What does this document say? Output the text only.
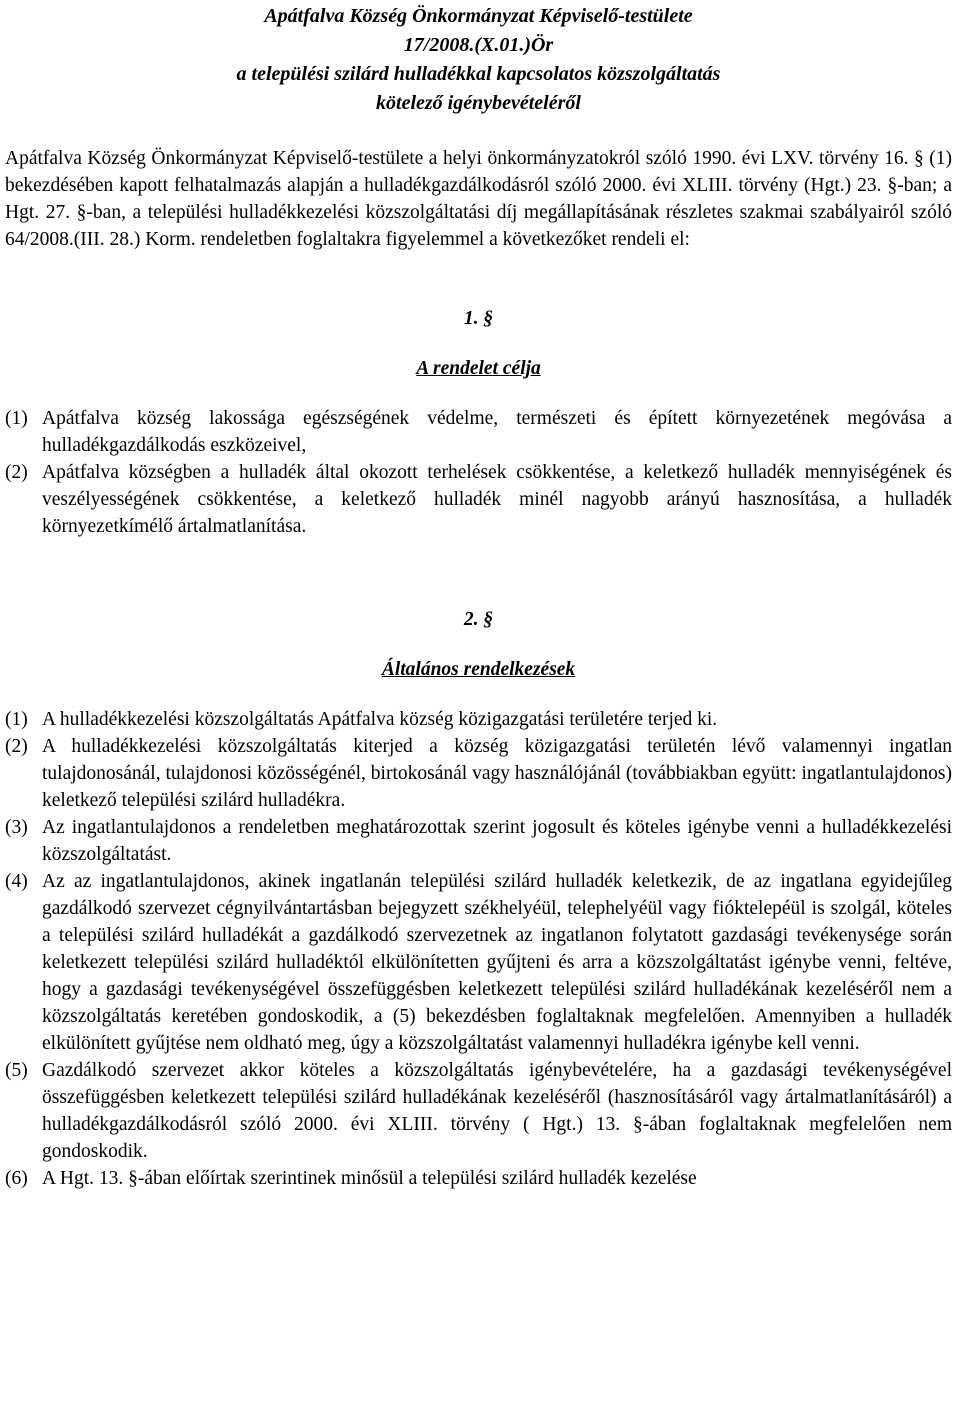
Apátfalva Község Önkormányzat Képviselő-testülete
17/2008.(X.01.)Ör
a települési szilárd hulladékkal kapcsolatos közszolgáltatás
kötelező igénybevételéről
Apátfalva Község Önkormányzat Képviselő-testülete a helyi önkormányzatokról szóló 1990. évi LXV. törvény 16. § (1) bekezdésében kapott felhatalmazás alapján a hulladékgazdálkodásról szóló 2000. évi XLIII. törvény (Hgt.) 23. §-ban; a Hgt. 27. §-ban, a települési hulladékkezelési közszolgáltatási díj megállapításának részletes szakmai szabályairól szóló 64/2008.(III. 28.) Korm. rendeletben foglaltakra figyelemmel a következőket rendeli el:
1. §
A rendelet célja
(1) Apátfalva község lakossága egészségének védelme, természeti és épített környezetének megóvása a hulladékgazdálkodás eszközeivel,
(2) Apátfalva községben a hulladék által okozott terhelések csökkentése, a keletkező hulladék mennyiségének és veszélyességének csökkentése, a keletkező hulladék minél nagyobb arányú hasznosítása, a hulladék környezetkímélő ártalmatlanítása.
2. §
Általános rendelkezések
(1) A hulladékkezelési közszolgáltatás Apátfalva község közigazgatási területére terjed ki.
(2) A hulladékkezelési közszolgáltatás kiterjed a község közigazgatási területén lévő valamennyi ingatlan tulajdonosánál, tulajdonosi közösségénél, birtokosánál vagy használójánál (továbbiakban együtt: ingatlantulajdonos) keletkező települési szilárd hulladékra.
(3) Az ingatlantulajdonos a rendeletben meghatározottak szerint jogosult és köteles igénybe venni a hulladékkezelési közszolgáltatást.
(4) Az az ingatlantulajdonos, akinek ingatlanán települési szilárd hulladék keletkezik, de az ingatlana egyidejűleg gazdálkodó szervezet cégnyilvántartásban bejegyzett székhelyéül, telephelyéül vagy fióktelepéül is szolgál, köteles a települési szilárd hulladékát a gazdálkodó szervezetnek az ingatlanon folytatott gazdasági tevékenysége során keletkezett települési szilárd hulladéktól elkülönítetten gyűjteni és arra a közszolgáltatást igénybe venni, feltéve, hogy a gazdasági tevékenységével összefüggésben keletkezett települési szilárd hulladékának kezeléséről nem a közszolgáltatás keretében gondoskodik, a (5) bekezdésben foglaltaknak megfelelően. Amennyiben a hulladék elkülönített gyűjtése nem oldható meg, úgy a közszolgáltatást valamennyi hulladékra igénybe kell venni.
(5) Gazdálkodó szervezet akkor köteles a közszolgáltatás igénybevételére, ha a gazdasági tevékenységével összefüggésben keletkezett települési szilárd hulladékának kezeléséről (hasznosításáról vagy ártalmatlanításáról) a hulladékgazdálkodásról szóló 2000. évi XLIII. törvény ( Hgt.) 13. §-ában foglaltaknak megfelelően nem gondoskodik.
(6) A Hgt. 13. §-ában előírtak szerintinek minősül a települési szilárd hulladék kezelése
